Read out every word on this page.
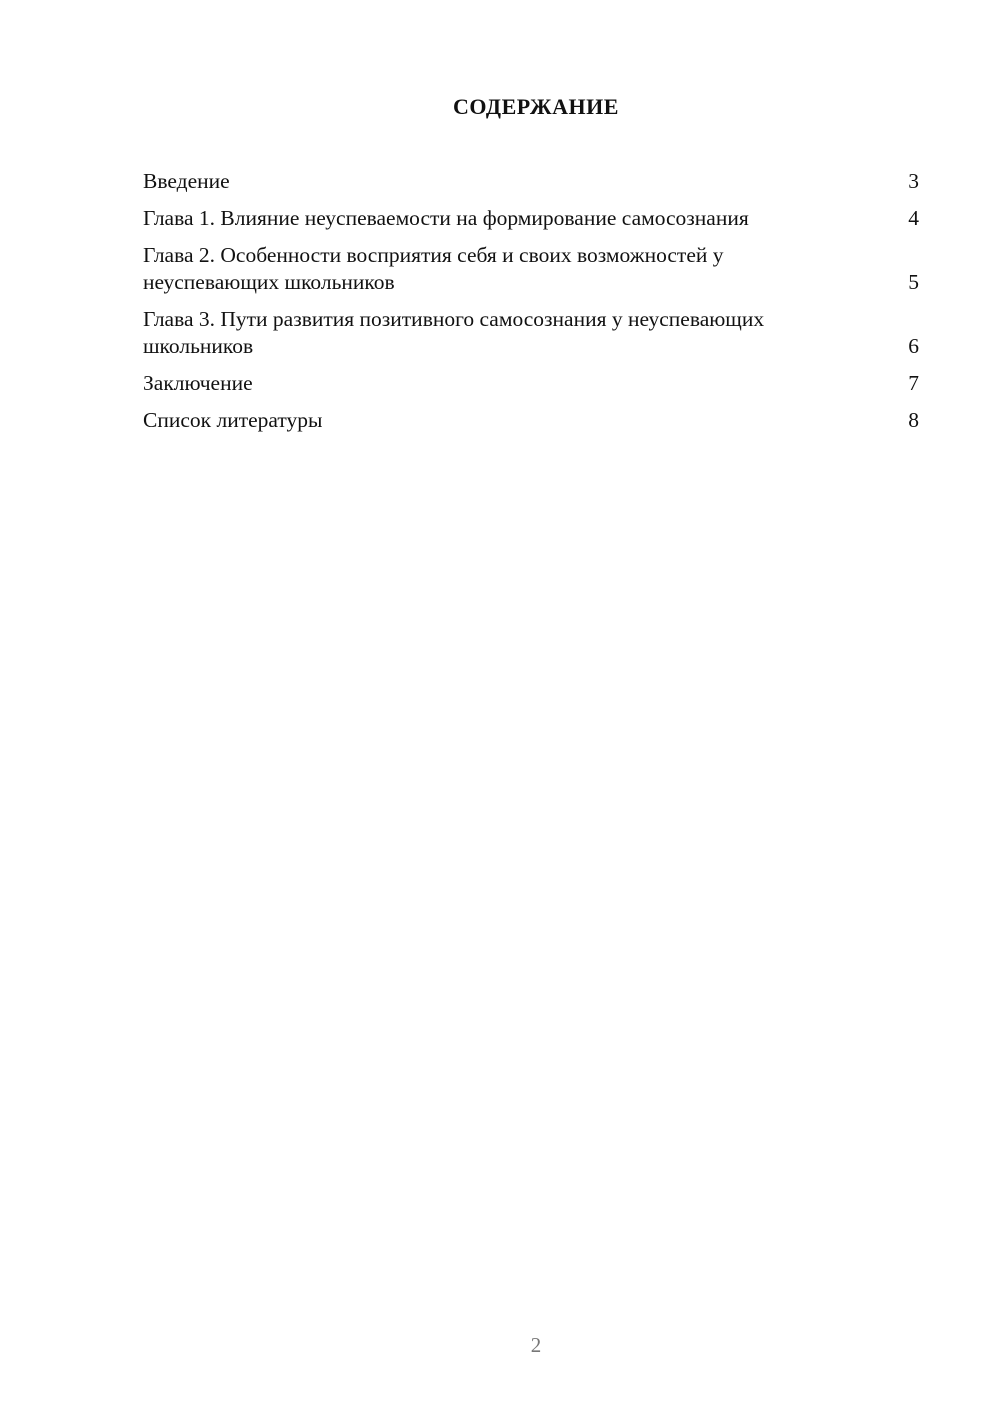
СОДЕРЖАНИЕ
Введение	3
Глава 1. Влияние неуспеваемости на формирование самосознания	4
Глава 2. Особенности восприятия себя и своих возможностей у неуспевающих школьников	5
Глава 3. Пути развития позитивного самосознания у неуспевающих школьников	6
Заключение	7
Список литературы	8
2
